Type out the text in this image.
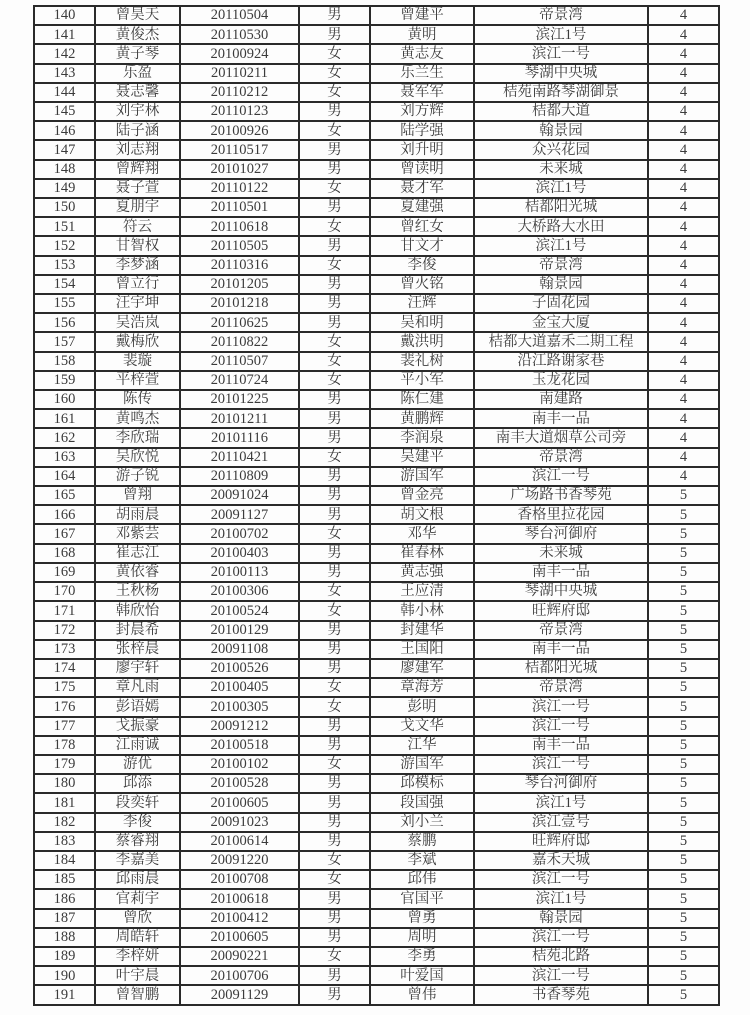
140	曾昊天	20110504	男	曾建平	帝景湾	4
141	黄俊杰	20110530	男	黄明	滨江1号	4
142	黄子琴	20100924	女	黄志友	滨江一号	4
143	乐盈	20110211	女	乐兰生	琴湖中央城	4
144	聂志馨	20110212	女	聂军军	桔苑南路琴湖御景	4
145	刘宇林	20110123	男	刘方辉	桔都大道	4
146	陆子涵	20100926	女	陆学强	翰景园	4
147	刘志翔	20110517	男	刘升明	众兴花园	4
148	曾辉翔	20101027	男	曾读明	未来城	4
149	聂子萱	20110122	女	聂才军	滨江1号	4
150	夏朋宇	20110501	男	夏建强	桔都阳光城	4
151	符云	20110618	女	曾红女	大桥路大水田	4
152	甘智权	20110505	男	甘文才	滨江1号	4
153	李梦涵	20110316	女	李俊	帝景湾	4
154	曾立行	20101205	男	曾火铭	翰景园	4
155	汪宇坤	20101218	男	汪辉	子固花园	4
156	吴浩岚	20110625	男	吴和明	金宝大厦	4
157	戴梅欣	20110822	女	戴洪明	桔都大道嘉禾二期工程	4
158	裴璇	20110507	女	裴礼树	沿江路谢家巷	4
159	平梓萱	20110724	女	平小军	玉龙花园	4
160	陈传	20101225	男	陈仁建	南建路	4
161	黄鸣杰	20101211	男	黄鹏辉	南丰一品	4
162	李欣瑞	20101116	男	李润泉	南丰大道烟草公司旁	4
163	吴欣悦	20110421	女	吴建平	帝景湾	4
164	游子锐	20110809	男	游国军	滨江一号	4
165	曾翔	20091024	男	曾金亮	广场路书香琴苑	5
166	胡雨晨	20091127	男	胡文根	香格里拉花园	5
167	邓紫芸	20100702	女	邓华	琴台河御府	5
168	崔志江	20100403	男	崔春林	未来城	5
169	黄依睿	20100113	男	黄志强	南丰一品	5
170	王秋杨	20100306	女	王应清	琴湖中央城	5
171	韩欣怡	20100524	女	韩小林	旺辉府邸	5
172	封晨希	20100129	男	封建华	帝景湾	5
173	张梓晨	20091108	男	王国阳	南丰一品	5
174	廖宇轩	20100526	男	廖建军	桔都阳光城	5
175	章凡雨	20100405	女	章海芳	帝景湾	5
176	彭语嫣	20100305	女	彭明	滨江一号	5
177	戈振豪	20091212	男	戈文华	滨江一号	5
178	江雨诚	20100518	男	江华	南丰一品	5
179	游优	20100102	女	游国军	滨江一号	5
180	邱添	20100528	男	邱模标	琴台河御府	5
181	段奕轩	20100605	男	段国强	滨江1号	5
182	李俊	20091023	男	刘小兰	滨江壹号	5
183	蔡睿翔	20100614	男	蔡鹏	旺辉府邸	5
184	李嘉美	20091220	女	李斌	嘉禾天城	5
185	邱雨晨	20100708	女	邱伟	滨江一号	5
186	官莉宇	20100618	男	官国平	滨江1号	5
187	曾欣	20100412	男	曾勇	翰景园	5
188	周皓轩	20100605	男	周明	滨江一号	5
189	李梓妍	20090221	女	李勇	桔苑北路	5
190	叶宇晨	20100706	男	叶爱国	滨江一号	5
191	曾智鹏	20091129	男	曾伟	书香琴苑	5
